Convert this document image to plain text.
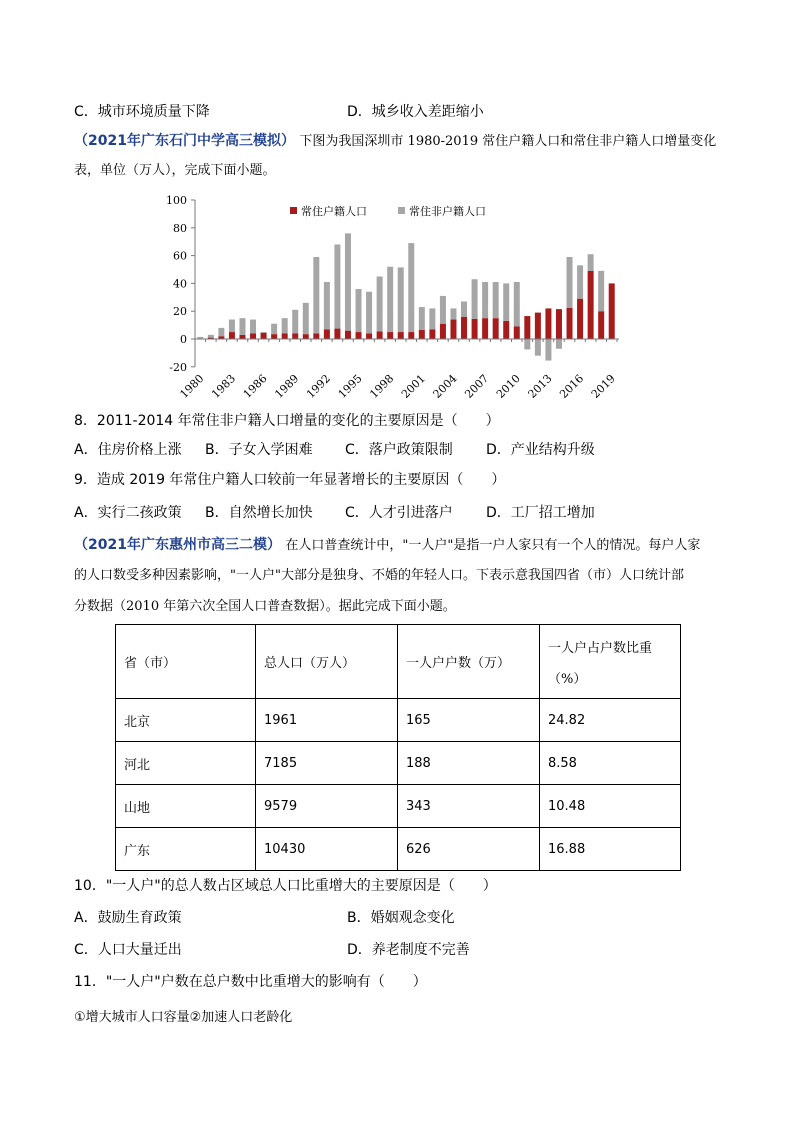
C．城市环境质量下降	D．城乡收入差距缩小
（2021年广东石门中学高三模拟） 下图为我国深圳市 1980-2019 常住户籍人口和常住非户籍人口增量变化
表，单位（万人），完成下面小题。
-20
0
20
40
60
80
100
1980 1983 1986 1989 1992 1995 1998 2001 2004 2007 2010 2013 2016 2019
常住户籍人口	常住非户籍人口
8．2011-2014 年常住非户籍人口增量的变化的主要原因是（　　）
A．住房价格上涨 B．子女入学困难 C．落户政策限制 D．产业结构升级
9．造成 2019 年常住户籍人口较前一年显著增长的主要原因（　　）
A．实行二孩政策 B．自然增长加快 C．人才引进落户 D．工厂招工增加
（2021年广东惠州市高三二模） 在人口普查统计中，"一人户"是指一户人家只有一个人的情况。每户人家
的人口数受多种因素影响，"一人户"大部分是独身、不婚的年轻人口。下表示意我国四省（市）人口统计部
分数据（2010 年第六次全国人口普查数据）。据此完成下面小题。
省（市）	总人口（万人）	一人户户数（万）	一人户占户数比重
（%）

北京	1961	165	24.82
河北	7185	188	8.58
山地	9579	343	10.48
广东	10430	626	16.88
10．"一人户"的总人数占区域总人口比重增大的主要原因是（　　）
A．鼓励生育政策	B．婚姻观念变化
C．人口大量迁出	D．养老制度不完善
11．"一人户"户数在总户数中比重增大的影响有（　　）
①增大城市人口容量②加速人口老龄化
